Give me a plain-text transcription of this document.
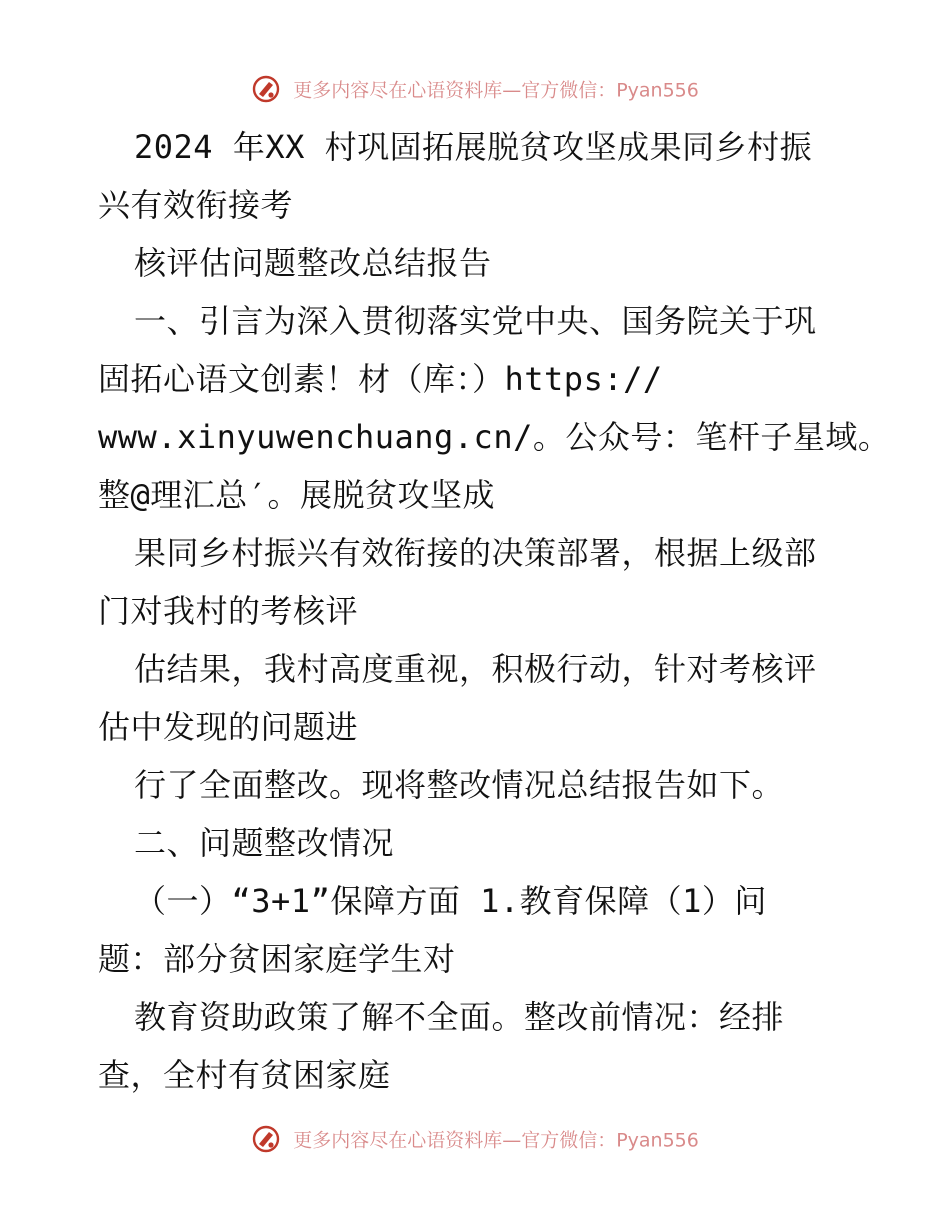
更多内容尽在心语资料库—官方微信：Pyan556
2024 年XX 村巩固拓展脱贫攻坚成果同乡村振
兴有效衔接考
核评估问题整改总结报告
一、引言为深入贯彻落实党中央、国务院关于巩
固拓心语文创素！材（库：）https://
www.xinyuwenchuang.cn/。公众号：笔杆子星域。
整@理汇总′。展脱贫攻坚成
果同乡村振兴有效衔接的决策部署，根据上级部
门对我村的考核评
估结果，我村高度重视，积极行动，针对考核评
估中发现的问题进
行了全面整改。现将整改情况总结报告如下。
二、问题整改情况
（一）“3+1”保障方面 1.教育保障（1）问
题：部分贫困家庭学生对
教育资助政策了解不全面。整改前情况：经排
查，全村有贫困家庭
更多内容尽在心语资料库—官方微信：Pyan556
